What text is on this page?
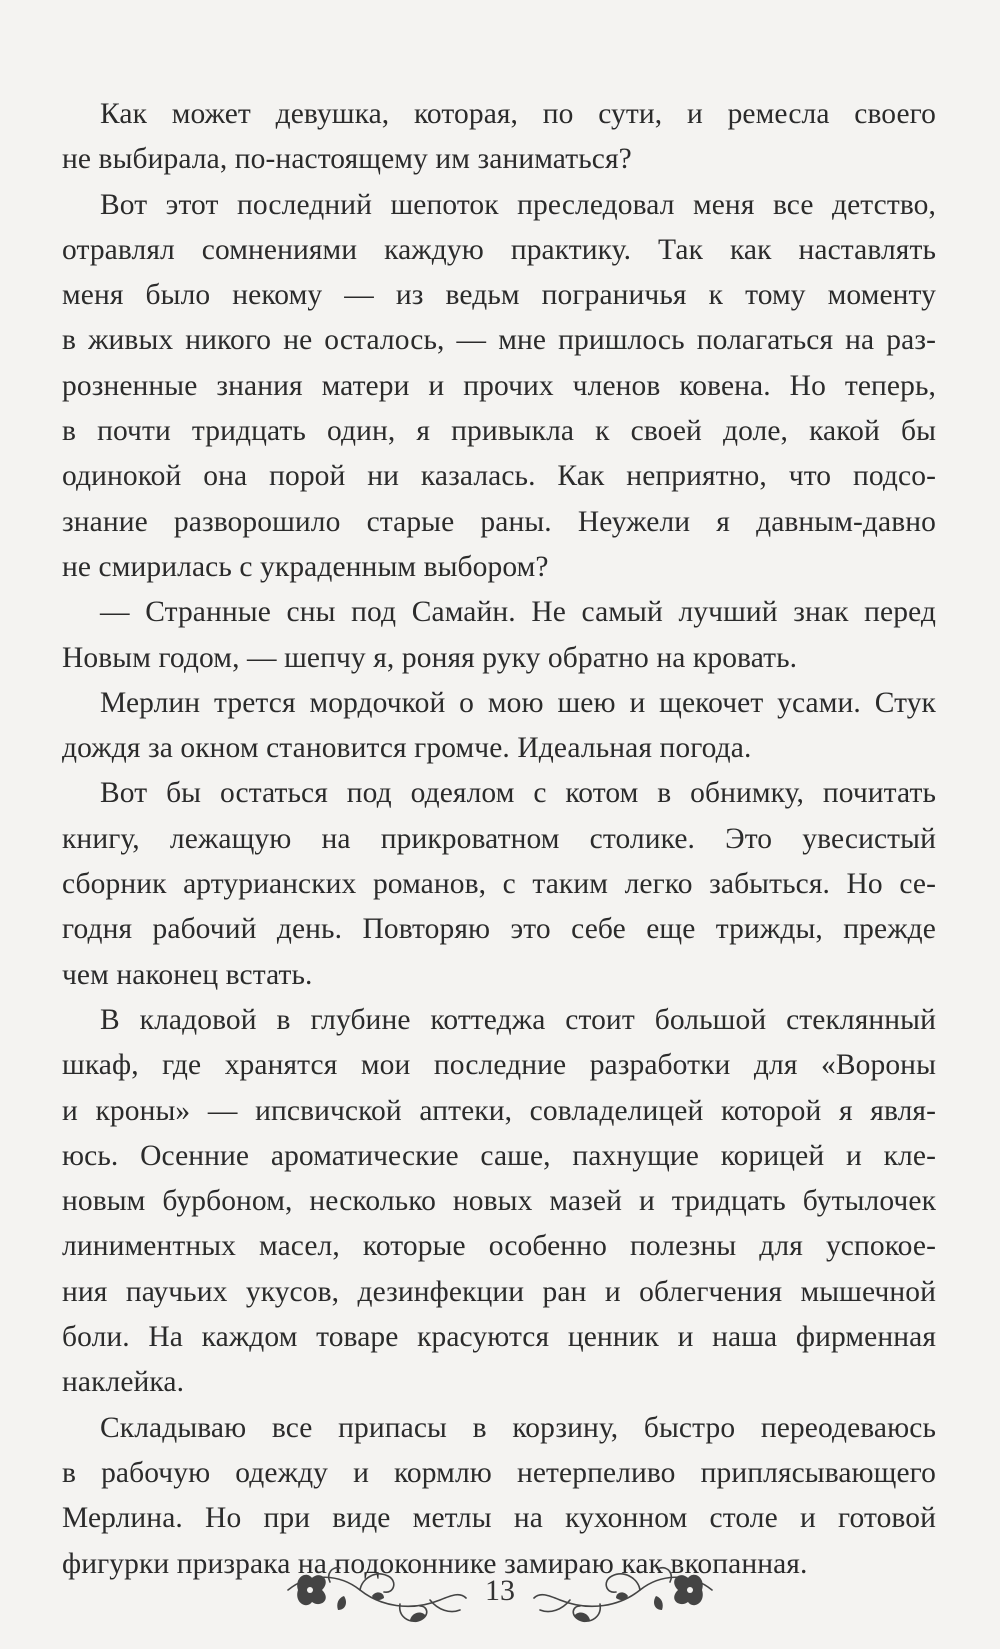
Как может девушка, которая, по сути, и ремесла своего
не выбирала, по-настоящему им заниматься?
Вот этот последний шепоток преследовал меня все детство,
отравлял сомнениями каждую практику. Так как наставлять
меня было некому — из ведьм пограничья к тому моменту
в живых никого не осталось, — мне пришлось полагаться на раз-
розненные знания матери и прочих членов ковена. Но теперь,
в почти тридцать один, я привыкла к своей доле, какой бы
одинокой она порой ни казалась. Как неприятно, что подсо-
знание разворошило старые раны. Неужели я давным-давно
не смирилась с украденным выбором?
— Странные сны под Самайн. Не самый лучший знак перед
Новым годом, — шепчу я, роняя руку обратно на кровать.
Мерлин трется мордочкой о мою шею и щекочет усами. Стук
дождя за окном становится громче. Идеальная погода.
Вот бы остаться под одеялом с котом в обнимку, почитать
книгу, лежащую на прикроватном столике. Это увесистый
сборник артурианских романов, с таким легко забыться. Но се-
годня рабочий день. Повторяю это себе еще трижды, прежде
чем наконец встать.
В кладовой в глубине коттеджа стоит большой стеклянный
шкаф, где хранятся мои последние разработки для «Вороны
и кроны» — ипсвичской аптеки, совладелицей которой я явля-
юсь. Осенние ароматические саше, пахнущие корицей и кле-
новым бурбоном, несколько новых мазей и тридцать бутылочек
линиментных масел, которые особенно полезны для успокое-
ния паучьих укусов, дезинфекции ран и облегчения мышечной
боли. На каждом товаре красуются ценник и наша фирменная
наклейка.
Складываю все припасы в корзину, быстро переодеваюсь
в рабочую одежду и кормлю нетерпеливо приплясывающего
Мерлина. Но при виде метлы на кухонном столе и готовой
фигурки призрака на подоконнике замираю как вкопанная.
13
